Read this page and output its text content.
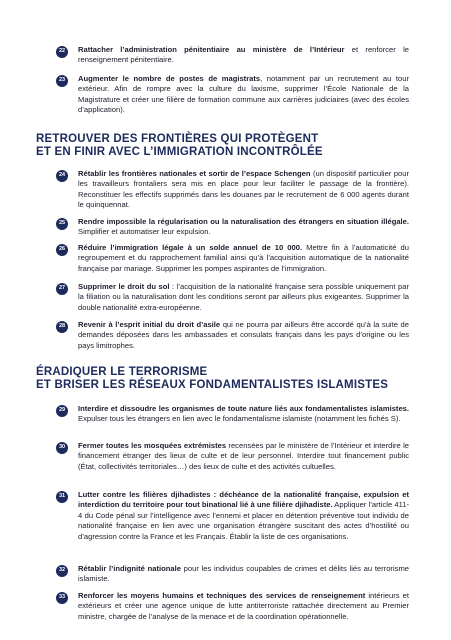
22	Rattacher l’administration pénitentiaire au ministère de l’Intérieur et renforcer le renseignement pénitentiaire.
23	Augmenter le nombre de postes de magistrats, notamment par un recrutement au tour extérieur. Afin de rompre avec la culture du laxisme, supprimer l’École Nationale de la Magistrature et créer une filière de formation commune aux carrières judiciaires (avec des écoles d’application).
RETROUVER DES FRONTIÈRES QUI PROTÈGENT
ET EN FINIR AVEC L’IMMIGRATION INCONTRÔLÉE
24	Rétablir les frontières nationales et sortir de l’espace Schengen (un dispositif particulier pour les travailleurs frontaliers sera mis en place pour leur faciliter le passage de la frontière). Reconstituer les effectifs supprimés dans les douanes par le recrutement de 6 000 agents durant le quinquennat.
25	Rendre impossible la régularisation ou la naturalisation des étrangers en situation illégale. Simplifier et automatiser leur expulsion.
26	Réduire l’immigration légale à un solde annuel de 10 000. Mettre fin à l’automaticité du regroupement et du rapprochement familial ainsi qu’à l’acquisition automatique de la nationalité française par mariage. Supprimer les pompes aspirantes de l’immigration.
27	Supprimer le droit du sol : l’acquisition de la nationalité française sera possible uniquement par la filiation ou la naturalisation dont les conditions seront par ailleurs plus exigeantes. Supprimer la double nationalité extra-européenne.
28	Revenir à l’esprit initial du droit d’asile qui ne pourra par ailleurs être accordé qu’à la suite de demandes déposées dans les ambassades et consulats français dans les pays d’origine ou les pays limitrophes.
ÉRADIQUER LE TERRORISME
ET BRISER LES RÉSEAUX FONDAMENTALISTES ISLAMISTES
29	Interdire et dissoudre les organismes de toute nature liés aux fondamentalistes islamistes. Expulser tous les étrangers en lien avec le fondamentalisme islamiste (notamment les fichés S).
30	Fermer toutes les mosquées extrémistes recensées par le ministère de l’Intérieur et interdire le financement étranger des lieux de culte et de leur personnel. Interdire tout financement public (État, collectivités territoriales…) des lieux de culte et des activités cultuelles.
31	Lutter contre les filières djihadistes : déchéance de la nationalité française, expulsion et interdiction du territoire pour tout binational lié à une filière djihadiste. Appliquer l’article 411-4 du Code pénal sur l’intelligence avec l’ennemi et placer en détention préventive tout individu de nationalité française en lien avec une organisation étrangère suscitant des actes d’hostilité ou d’agression contre la France et les Français. Établir la liste de ces organisations.
32	Rétablir l’indignité nationale pour les individus coupables de crimes et délits liés au terrorisme islamiste.
33	Renforcer les moyens humains et techniques des services de renseignement intérieurs et extérieurs et créer une agence unique de lutte antiterroriste rattachée directement au Premier ministre, chargée de l’analyse de la menace et de la coordination opérationnelle.
